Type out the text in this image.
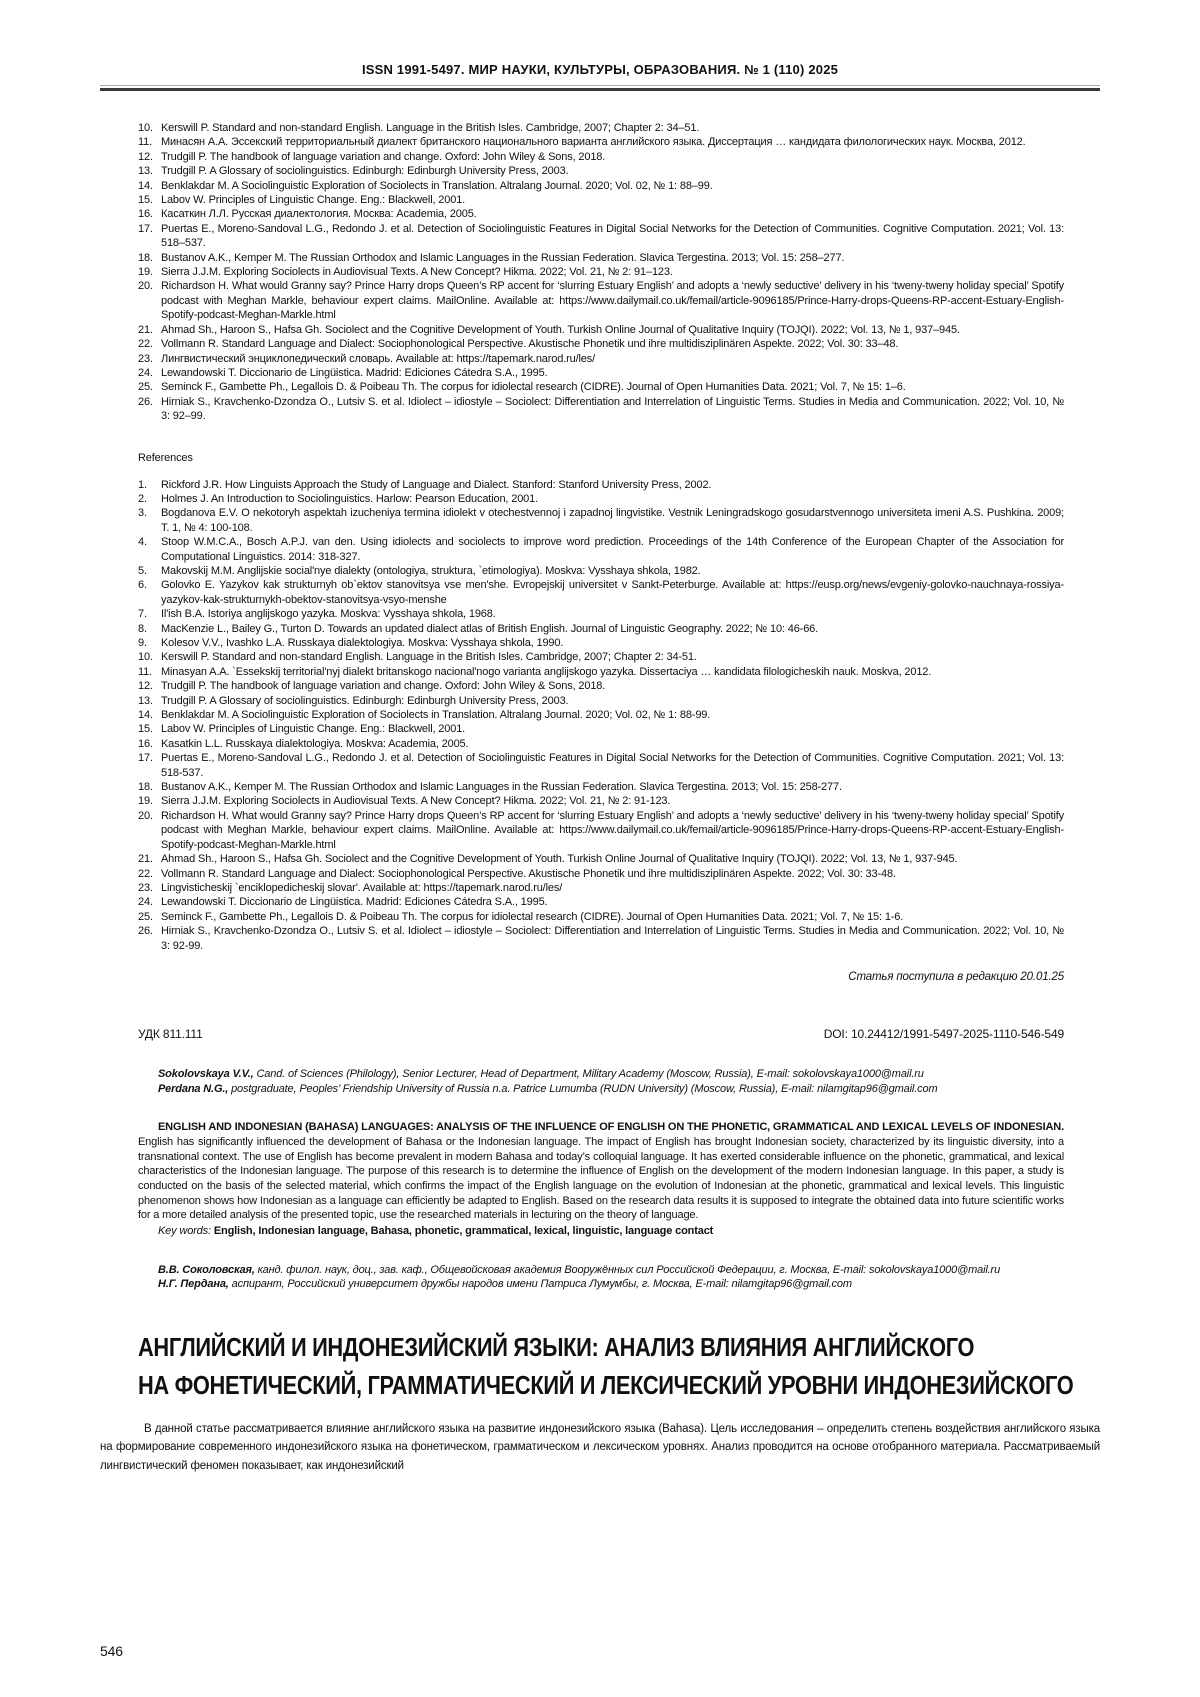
ISSN 1991-5497. МИР НАУКИ, КУЛЬТУРЫ, ОБРАЗОВАНИЯ. № 1 (110) 2025
10. Kerswill P. Standard and non-standard English. Language in the British Isles. Cambridge, 2007; Chapter 2: 34–51.
11. Минасян А.А. Эссекский территориальный диалект британского национального варианта английского языка. Диссертация … кандидата филологических наук. Москва, 2012.
12. Trudgill P. The handbook of language variation and change. Oxford: John Wiley & Sons, 2018.
13. Trudgill P. A Glossary of sociolinguistics. Edinburgh: Edinburgh University Press, 2003.
14. Benklakdar M. A Sociolinguistic Exploration of Sociolects in Translation. Altralang Journal. 2020; Vol. 02, № 1: 88–99.
15. Labov W. Principles of Linguistic Change. Eng.: Blackwell, 2001.
16. Касаткин Л.Л. Русская диалектология. Москва: Academia, 2005.
17. Puertas E., Moreno-Sandoval L.G., Redondo J. et al. Detection of Sociolinguistic Features in Digital Social Networks for the Detection of Communities. Cognitive Computation. 2021; Vol. 13: 518–537.
18. Bustanov A.K., Kemper M. The Russian Orthodox and Islamic Languages in the Russian Federation. Slavica Tergestina. 2013; Vol. 15: 258–277.
19. Sierra J.J.M. Exploring Sociolects in Audiovisual Texts. A New Concept? Hikma. 2022; Vol. 21, № 2: 91–123.
20. Richardson H. What would Granny say? Prince Harry drops Queen’s RP accent for ‘slurring Estuary English’ and adopts a ‘newly seductive’ delivery in his ‘tweny-tweny holiday special’ Spotify podcast with Meghan Markle, behaviour expert claims. MailOnline. Available at: https://www.dailymail.co.uk/femail/article-9096185/Prince-Harry-drops-Queens-RP-accent-Estuary-English-Spotify-podcast-Meghan-Markle.html
21. Ahmad Sh., Haroon S., Hafsa Gh. Sociolect and the Cognitive Development of Youth. Turkish Online Journal of Qualitative Inquiry (TOJQI). 2022; Vol. 13, № 1, 937–945.
22. Vollmann R. Standard Language and Dialect: Sociophonological Perspective. Akustische Phonetik und ihre multidisziplinären Aspekte. 2022; Vol. 30: 33–48.
23. Лингвистический энциклопедический словарь. Available at: https://tapemark.narod.ru/les/
24. Lewandowski T. Diccionario de Lingüistica. Madrid: Ediciones Cátedra S.A., 1995.
25. Seminck F., Gambette Ph., Legallois D. & Poibeau Th. The corpus for idiolectal research (CIDRE). Journal of Open Humanities Data. 2021; Vol. 7, № 15: 1–6.
26. Hirniak S., Kravchenko-Dzondza O., Lutsiv S. et al. Idiolect – idiostyle – Sociolect: Differentiation and Interrelation of Linguistic Terms. Studies in Media and Communication. 2022; Vol. 10, № 3: 92–99.
References
1. Rickford J.R. How Linguists Approach the Study of Language and Dialect. Stanford: Stanford University Press, 2002.
2. Holmes J. An Introduction to Sociolinguistics. Harlow: Pearson Education, 2001.
3. Bogdanova E.V. O nekotoryh aspektah izucheniya termina idiolekt v otechestvennoj i zapadnoj lingvistike. Vestnik Leningradskogo gosudarstvennogo universiteta imeni A.S. Pushkina. 2009; T. 1, № 4: 100-108.
4. Stoop W.M.C.A., Bosch A.P.J. van den. Using idiolects and sociolects to improve word prediction. Proceedings of the 14th Conference of the European Chapter of the Association for Computational Linguistics. 2014: 318-327.
5. Makovskij M.M. Anglijskie social'nye dialekty (ontologiya, struktura, `etimologiya). Moskva: Vysshaya shkola, 1982.
6. Golovko E. Yazykov kak strukturnyh ob`ektov stanovitsya vse men'she. Evropejskij universitet v Sankt-Peterburge. Available at: https://eusp.org/news/evgeniy-golovko-nauchnaya-rossiya-yazykov-kak-strukturnykh-obektov-stanovitsya-vsyo-menshe
7. Il'ish B.A. Istoriya anglijskogo yazyka. Moskva: Vysshaya shkola, 1968.
8. MacKenzie L., Bailey G., Turton D. Towards an updated dialect atlas of British English. Journal of Linguistic Geography. 2022; № 10: 46-66.
9. Kolesov V.V., Ivashko L.A. Russkaya dialektologiya. Moskva: Vysshaya shkola, 1990.
10. Kerswill P. Standard and non-standard English. Language in the British Isles. Cambridge, 2007; Chapter 2: 34-51.
11. Minasyan A.A. `Essekskij territorial'nyj dialekt britanskogo nacional'nogo varianta anglijskogo yazyka. Dissertaciya … kandidata filologicheskih nauk. Moskva, 2012.
12. Trudgill P. The handbook of language variation and change. Oxford: John Wiley & Sons, 2018.
13. Trudgill P. A Glossary of sociolinguistics. Edinburgh: Edinburgh University Press, 2003.
14. Benklakdar M. A Sociolinguistic Exploration of Sociolects in Translation. Altralang Journal. 2020; Vol. 02, № 1: 88-99.
15. Labov W. Principles of Linguistic Change. Eng.: Blackwell, 2001.
16. Kasatkin L.L. Russkaya dialektologiya. Moskva: Academia, 2005.
17. Puertas E., Moreno-Sandoval L.G., Redondo J. et al. Detection of Sociolinguistic Features in Digital Social Networks for the Detection of Communities. Cognitive Computation. 2021; Vol. 13: 518-537.
18. Bustanov A.K., Kemper M. The Russian Orthodox and Islamic Languages in the Russian Federation. Slavica Tergestina. 2013; Vol. 15: 258-277.
19. Sierra J.J.M. Exploring Sociolects in Audiovisual Texts. A New Concept? Hikma. 2022; Vol. 21, № 2: 91-123.
20. Richardson H. What would Granny say? Prince Harry drops Queen’s RP accent for ‘slurring Estuary English’ and adopts a ‘newly seductive’ delivery in his ‘tweny-tweny holiday special’ Spotify podcast with Meghan Markle, behaviour expert claims. MailOnline. Available at: https://www.dailymail.co.uk/femail/article-9096185/Prince-Harry-drops-Queens-RP-accent-Estuary-English-Spotify-podcast-Meghan-Markle.html
21. Ahmad Sh., Haroon S., Hafsa Gh. Sociolect and the Cognitive Development of Youth. Turkish Online Journal of Qualitative Inquiry (TOJQI). 2022; Vol. 13, № 1, 937-945.
22. Vollmann R. Standard Language and Dialect: Sociophonological Perspective. Akustische Phonetik und ihre multidisziplinären Aspekte. 2022; Vol. 30: 33-48.
23. Lingvisticheskij `enciklopedicheskij slovar'. Available at: https://tapemark.narod.ru/les/
24. Lewandowski T. Diccionario de Lingüistica. Madrid: Ediciones Cátedra S.A., 1995.
25. Seminck F., Gambette Ph., Legallois D. & Poibeau Th. The corpus for idiolectal research (CIDRE). Journal of Open Humanities Data. 2021; Vol. 7, № 15: 1-6.
26. Hirniak S., Kravchenko-Dzondza O., Lutsiv S. et al. Idiolect – idiostyle – Sociolect: Differentiation and Interrelation of Linguistic Terms. Studies in Media and Communication. 2022; Vol. 10, № 3: 92-99.
Статья поступила в редакцию 20.01.25
УДК 811.111	DOI: 10.24412/1991-5497-2025-1110-546-549
Sokolovskaya V.V., Cand. of Sciences (Philology), Senior Lecturer, Head of Department, Military Academy (Moscow, Russia), E-mail: sokolovskaya1000@mail.ru
Perdana N.G., postgraduate, Peoples’ Friendship University of Russia n.a. Patrice Lumumba (RUDN University) (Moscow, Russia), E-mail: nilamgitap96@gmail.com

ENGLISH AND INDONESIAN (BAHASA) LANGUAGES: ANALYSIS OF THE INFLUENCE OF ENGLISH ON THE PHONETIC, GRAMMATICAL AND LEXICAL LEVELS OF INDONESIAN. English has significantly influenced the development of Bahasa or the Indonesian language. The impact of English has brought Indonesian society, characterized by its linguistic diversity, into a transnational context. The use of English has become prevalent in modern Bahasa and today’s colloquial language. It has exerted considerable influence on the phonetic, grammatical, and lexical characteristics of the Indonesian language. The purpose of this research is to determine the influence of English on the development of the modern Indonesian language. In this paper, a study is conducted on the basis of the selected material, which confirms the impact of the English language on the evolution of Indonesian at the phonetic, grammatical and lexical levels. This linguistic phenomenon shows how Indonesian as a language can efficiently be adapted to English. Based on the research data results it is supposed to integrate the obtained data into future scientific works for a more detailed analysis of the presented topic, use the researched materials in lecturing on the theory of language.

Key words: English, Indonesian language, Bahasa, phonetic, grammatical, lexical, linguistic, language contact
В.В. Соколовская, канд. филол. наук, доц., зав. каф., Общевойсковая академия Вооружённых сил Российской Федерации, г. Москва, E-mail: sokolovskaya1000@mail.ru
Н.Г. Пердана, аспирант, Российский университет дружбы народов имени Патриса Лумумбы, г. Москва, E-mail: nilamgitap96@gmail.com
АНГЛИЙСКИЙ И ИНДОНЕЗИЙСКИЙ ЯЗЫКИ: АНАЛИЗ ВЛИЯНИЯ АНГЛИЙСКОГО
НА ФОНЕТИЧЕСКИЙ, ГРАММАТИЧЕСКИЙ И ЛЕКСИЧЕСКИЙ УРОВНИ ИНДОНЕЗИЙСКОГО

В данной статье рассматривается влияние английского языка на развитие индонезийского языка (Bahasa). Цель исследования – определить степень воздействия английского языка на формирование современного индонезийского языка на фонетическом, грамматическом и лексическом уровнях. Анализ проводится на основе отобранного материала. Рассматриваемый лингвистический феномен показывает, как индонезийский

546
